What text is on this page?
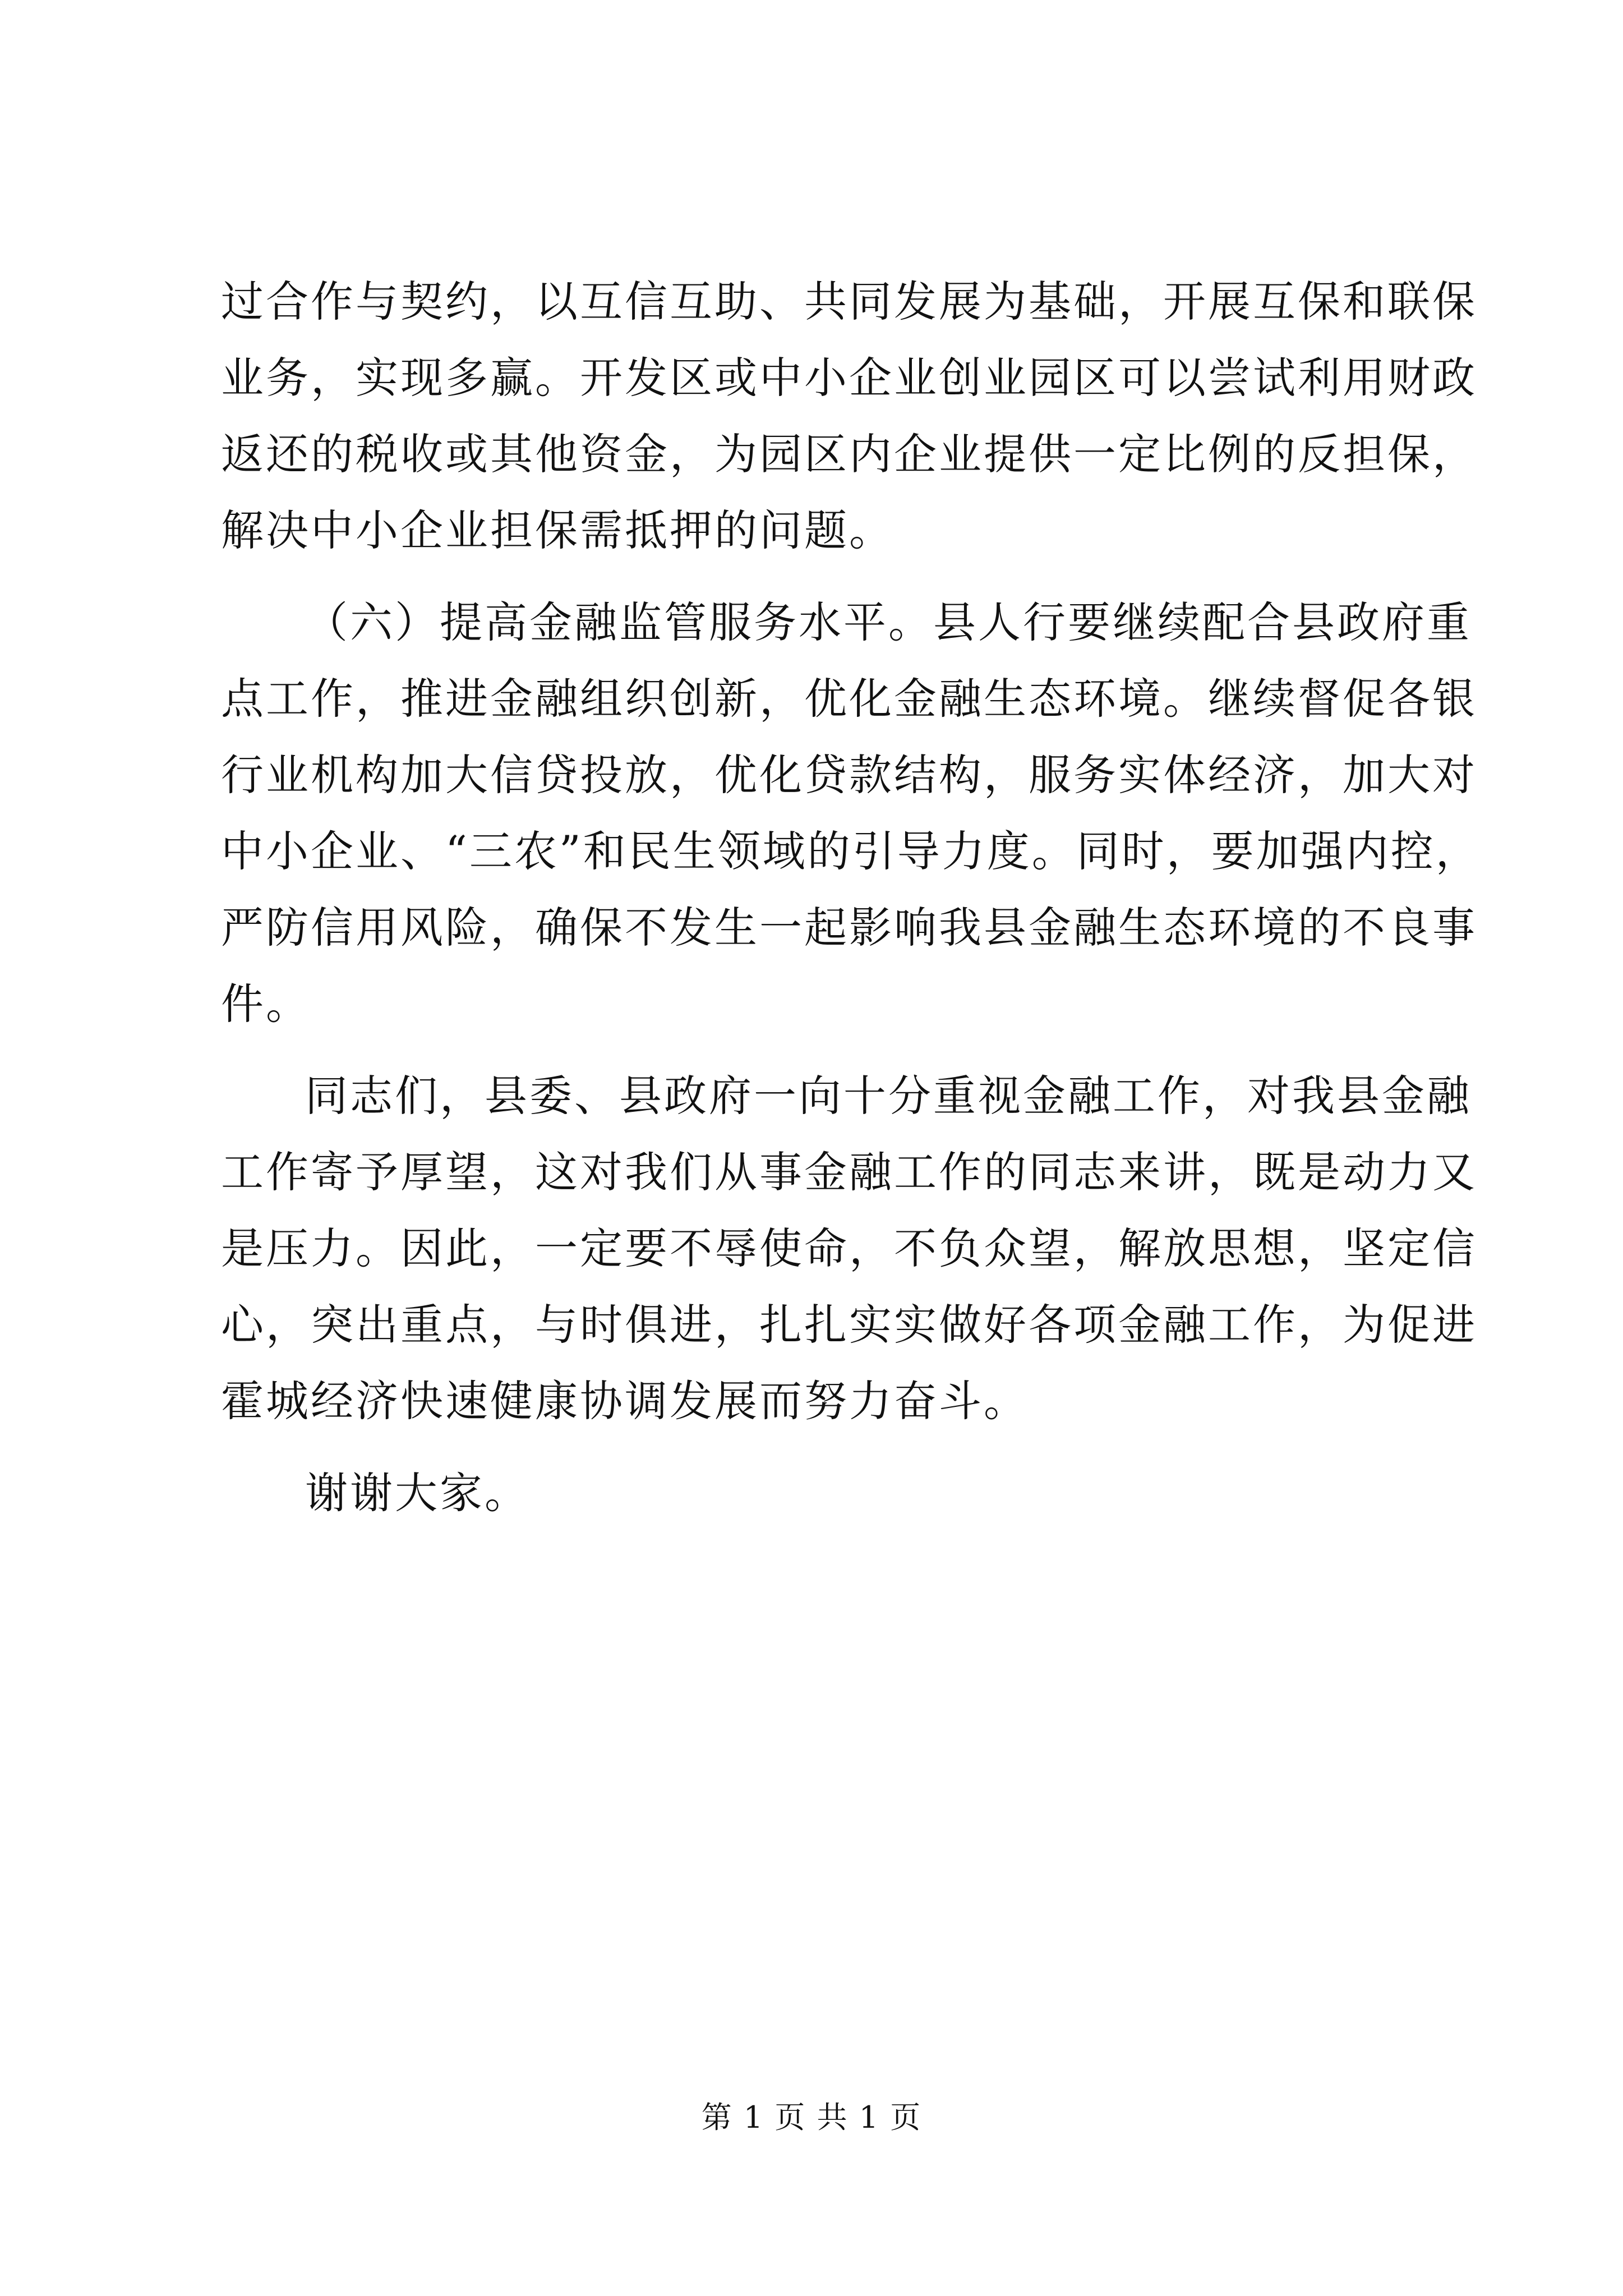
过合作与契约，以互信互助、共同发展为基础，开展互保和联保
业务，实现多赢。开发区或中小企业创业园区可以尝试利用财政
返还的税收或其他资金，为园区内企业提供一定比例的反担保，
解决中小企业担保需抵押的问题。
（六）提高金融监管服务水平。县人行要继续配合县政府重
点工作，推进金融组织创新，优化金融生态环境。继续督促各银
行业机构加大信贷投放，优化贷款结构，服务实体经济，加大对
中小企业、“三农”和民生领域的引导力度。同时，要加强内控，
严防信用风险，确保不发生一起影响我县金融生态环境的不良事
件。
同志们，县委、县政府一向十分重视金融工作，对我县金融
工作寄予厚望，这对我们从事金融工作的同志来讲，既是动力又
是压力。因此，一定要不辱使命，不负众望，解放思想，坚定信
心，突出重点，与时俱进，扎扎实实做好各项金融工作，为促进
霍城经济快速健康协调发展而努力奋斗。
谢谢大家。
第 1 页 共 1 页
